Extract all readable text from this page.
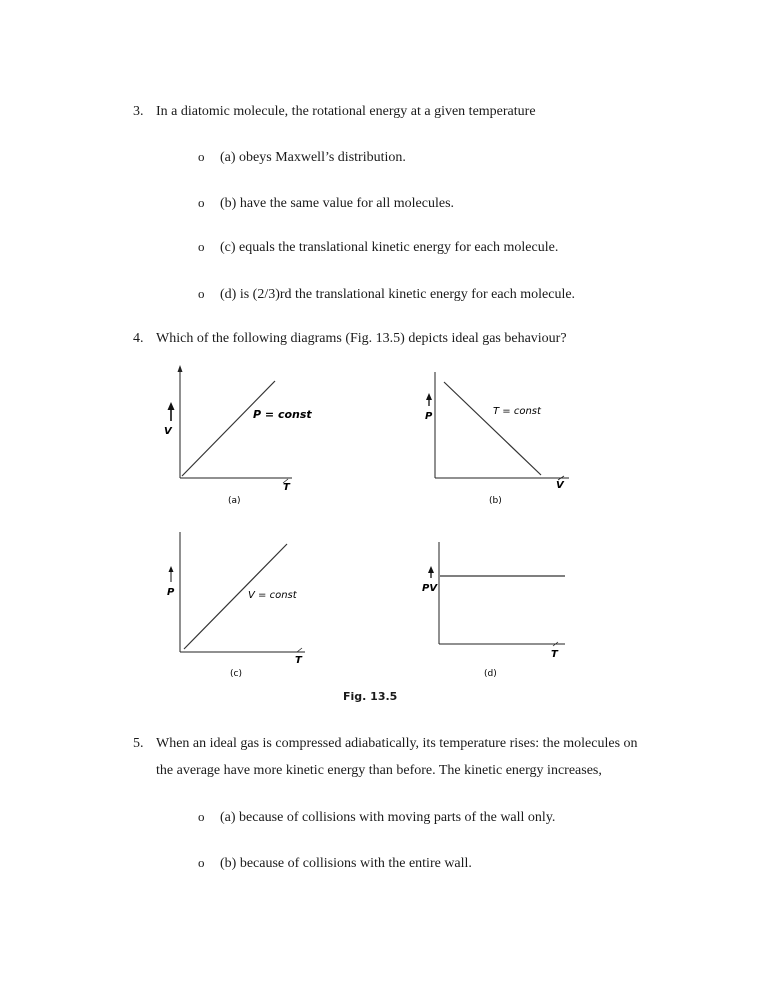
3. In a diatomic molecule, the rotational energy at a given temperature
o (a) obeys Maxwell’s distribution.
o (b) have the same value for all molecules.
o (c) equals the translational kinetic energy for each molecule.
o (d) is (2/3)rd the translational kinetic energy for each molecule.
4. Which of the following diagrams (Fig. 13.5) depicts ideal gas behaviour?
V
T
P = const
(a)
P
V
T = const
(b)
P
T
V = const
(c)
PV
T
(d)
Fig. 13.5
5. When an ideal gas is compressed adiabatically, its temperature rises: the molecules on
the average have more kinetic energy than before. The kinetic energy increases,
o (a) because of collisions with moving parts of the wall only.
o (b) because of collisions with the entire wall.
